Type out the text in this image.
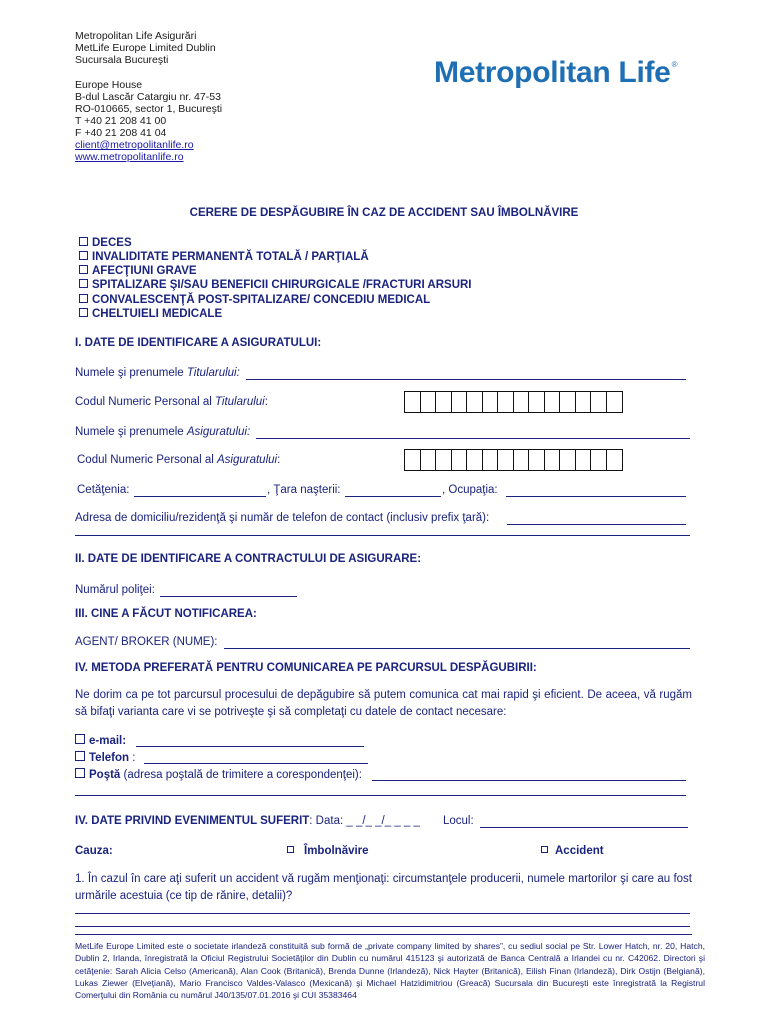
Metropolitan Life Asigurări
MetLife Europe Limited Dublin
Sucursala Bucureşti
Europe House
B-dul Lascăr Catargiu nr. 47-53
RO-010665, sector 1, Bucureşti
T +40 21 208 41 00
F +40 21 208 41 04
client@metropolitanlife.ro
www.metropolitanlife.ro
Metropolitan Life®
CERERE DE DESPĂGUBIRE ÎN CAZ DE ACCIDENT SAU ÎMBOLNĂVIRE
DECES
INVALIDITATE PERMANENTĂ TOTALĂ / PARŢIALĂ
AFECŢIUNI GRAVE
SPITALIZARE ŞI/SAU BENEFICII CHIRURGICALE /FRACTURI ARSURI
CONVALESCENŢĂ POST-SPITALIZARE/ CONCEDIU MEDICAL
CHELTUIELI MEDICALE
I. DATE DE IDENTIFICARE A ASIGURATULUI:
Numele şi prenumele Titularului:
Codul Numeric Personal al Titularului:
Numele şi prenumele Asiguratului:
Codul Numeric Personal al Asiguratului:
Cetăţenia:	, Ţara naşterii:	, Ocupaţia:
Adresa de domiciliu/rezidenţă şi număr de telefon de contact (inclusiv prefix ţară):
II. DATE DE IDENTIFICARE A CONTRACTULUI DE ASIGURARE:
Numărul poliţei:
III. CINE A FĂCUT NOTIFICAREA:
AGENT/ BROKER (NUME):
IV. METODA PREFERATĂ PENTRU COMUNICAREA PE PARCURSUL DESPĂGUBIRII:
Ne dorim ca pe tot parcursul procesului de depăgubire să putem comunica cat mai rapid şi eficient. De aceea, vă rugăm să bifaţi varianta care vi se potriveşte şi să completaţi cu datele de contact necesare:
e-mail:
Telefon :
Poştă (adresa poştală de trimitere a corespondenţei):
IV. DATE PRIVIND EVENIMENTUL SUFERIT: Data: _ _/_ _/_ _ _ _ Locul:
Cauza:	Îmbolnăvire	Accident
1. În cazul în care aţi suferit un accident vă rugăm menţionaţi: circumstanţele producerii, numele martorilor şi care au fost urmările acestuia (ce tip de rănire, detalii)?
MetLife Europe Limited este o societate irlandeză constituită sub formă de „private company limited by shares”, cu sediul social pe Str. Lower Hatch, nr. 20, Hatch, Dublin 2, Irlanda, înregistrată la Oficiul Registrului Societăţilor din Dublin cu numărul 415123 şi autorizată de Banca Centrală a Irlandei cu nr. C42062. Directori şi cetăţenie: Sarah Alicia Celso (Americană), Alan Cook (Britanică), Brenda Dunne (Irlandeză), Nick Hayter (Britanică), Eilish Finan (Irlandeză), Dirk Ostijn (Belgiană), Lukas Ziewer (Elveţiană), Mario Francisco Valdes-Valasco (Mexicană) şi Michael Hatzidimitriou (Greacă) Sucursala din Bucureşti este înregistrată la Registrul Comerţului din România cu numărul J40/135/07.01.2016 şi CUI 35383464
